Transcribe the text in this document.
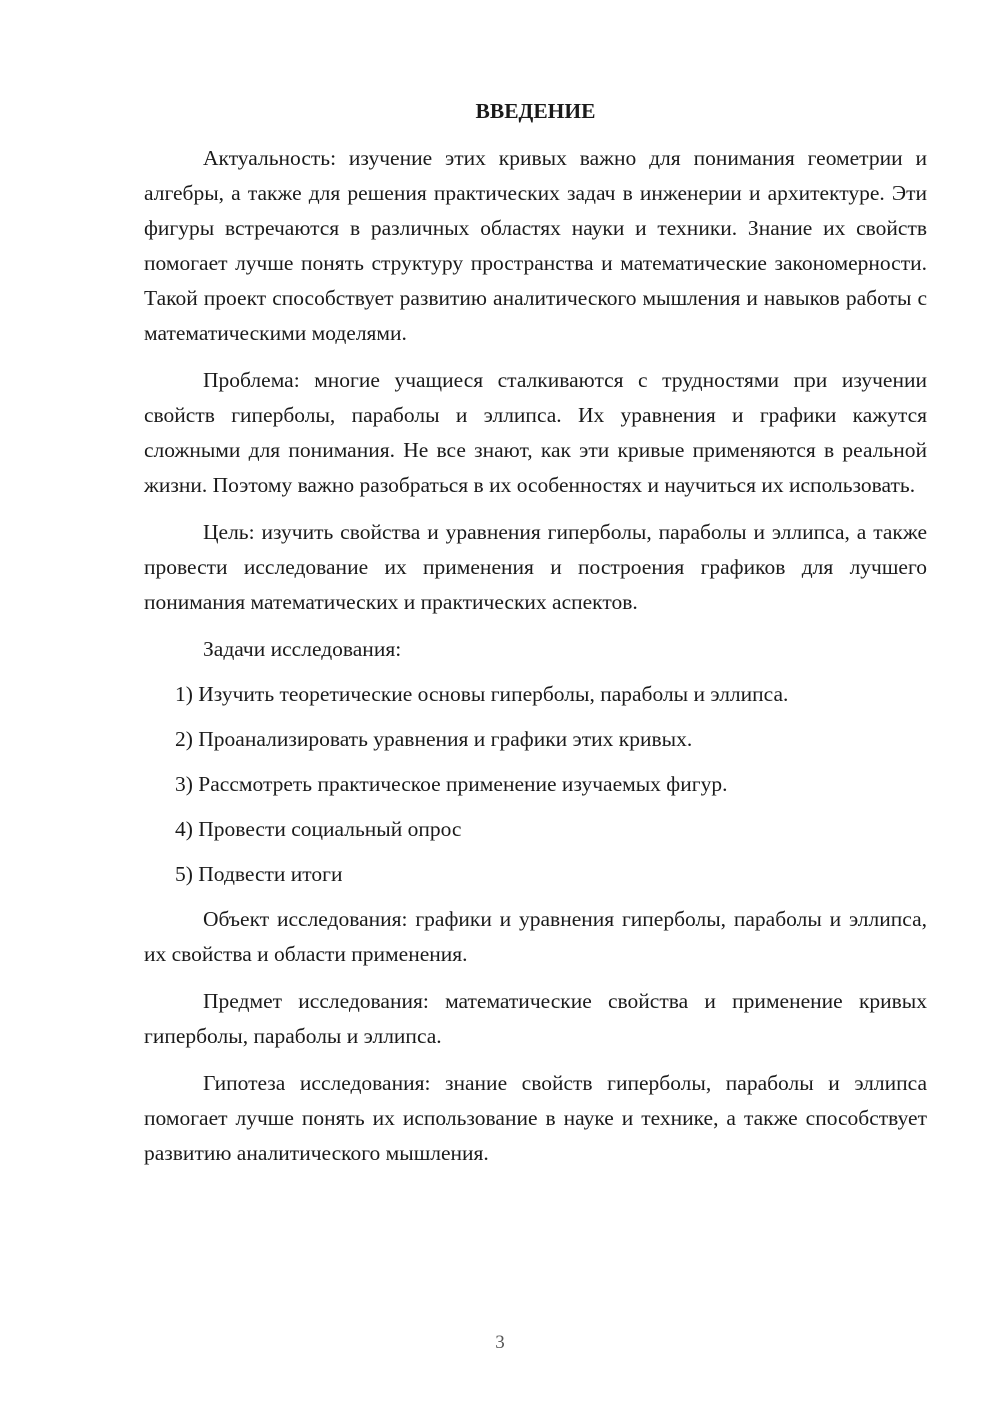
ВВЕДЕНИЕ

Актуальность: изучение этих кривых важно для понимания геометрии и алгебры, а также для решения практических задач в инженерии и архитектуре. Эти фигуры встречаются в различных областях науки и техники. Знание их свойств помогает лучше понять структуру пространства и математические закономерности. Такой проект способствует развитию аналитического мышления и навыков работы с математическими моделями.

Проблема: многие учащиеся сталкиваются с трудностями при изучении свойств гиперболы, параболы и эллипса. Их уравнения и графики кажутся сложными для понимания. Не все знают, как эти кривые применяются в реальной жизни. Поэтому важно разобраться в их особенностях и научиться их использовать.

Цель: изучить свойства и уравнения гиперболы, параболы и эллипса, а также провести исследование их применения и построения графиков для лучшего понимания математических и практических аспектов.

Задачи исследования:

1) Изучить теоретические основы гиперболы, параболы и эллипса.

2) Проанализировать уравнения и графики этих кривых.

3) Рассмотреть практическое применение изучаемых фигур.

4) Провести социальный опрос

5) Подвести итоги

Объект исследования: графики и уравнения гиперболы, параболы и эллипса, их свойства и области применения.

Предмет исследования: математические свойства и применение кривых гиперболы, параболы и эллипса.

Гипотеза исследования: знание свойств гиперболы, параболы и эллипса помогает лучше понять их использование в науке и технике, а также способствует развитию аналитического мышления.

3
